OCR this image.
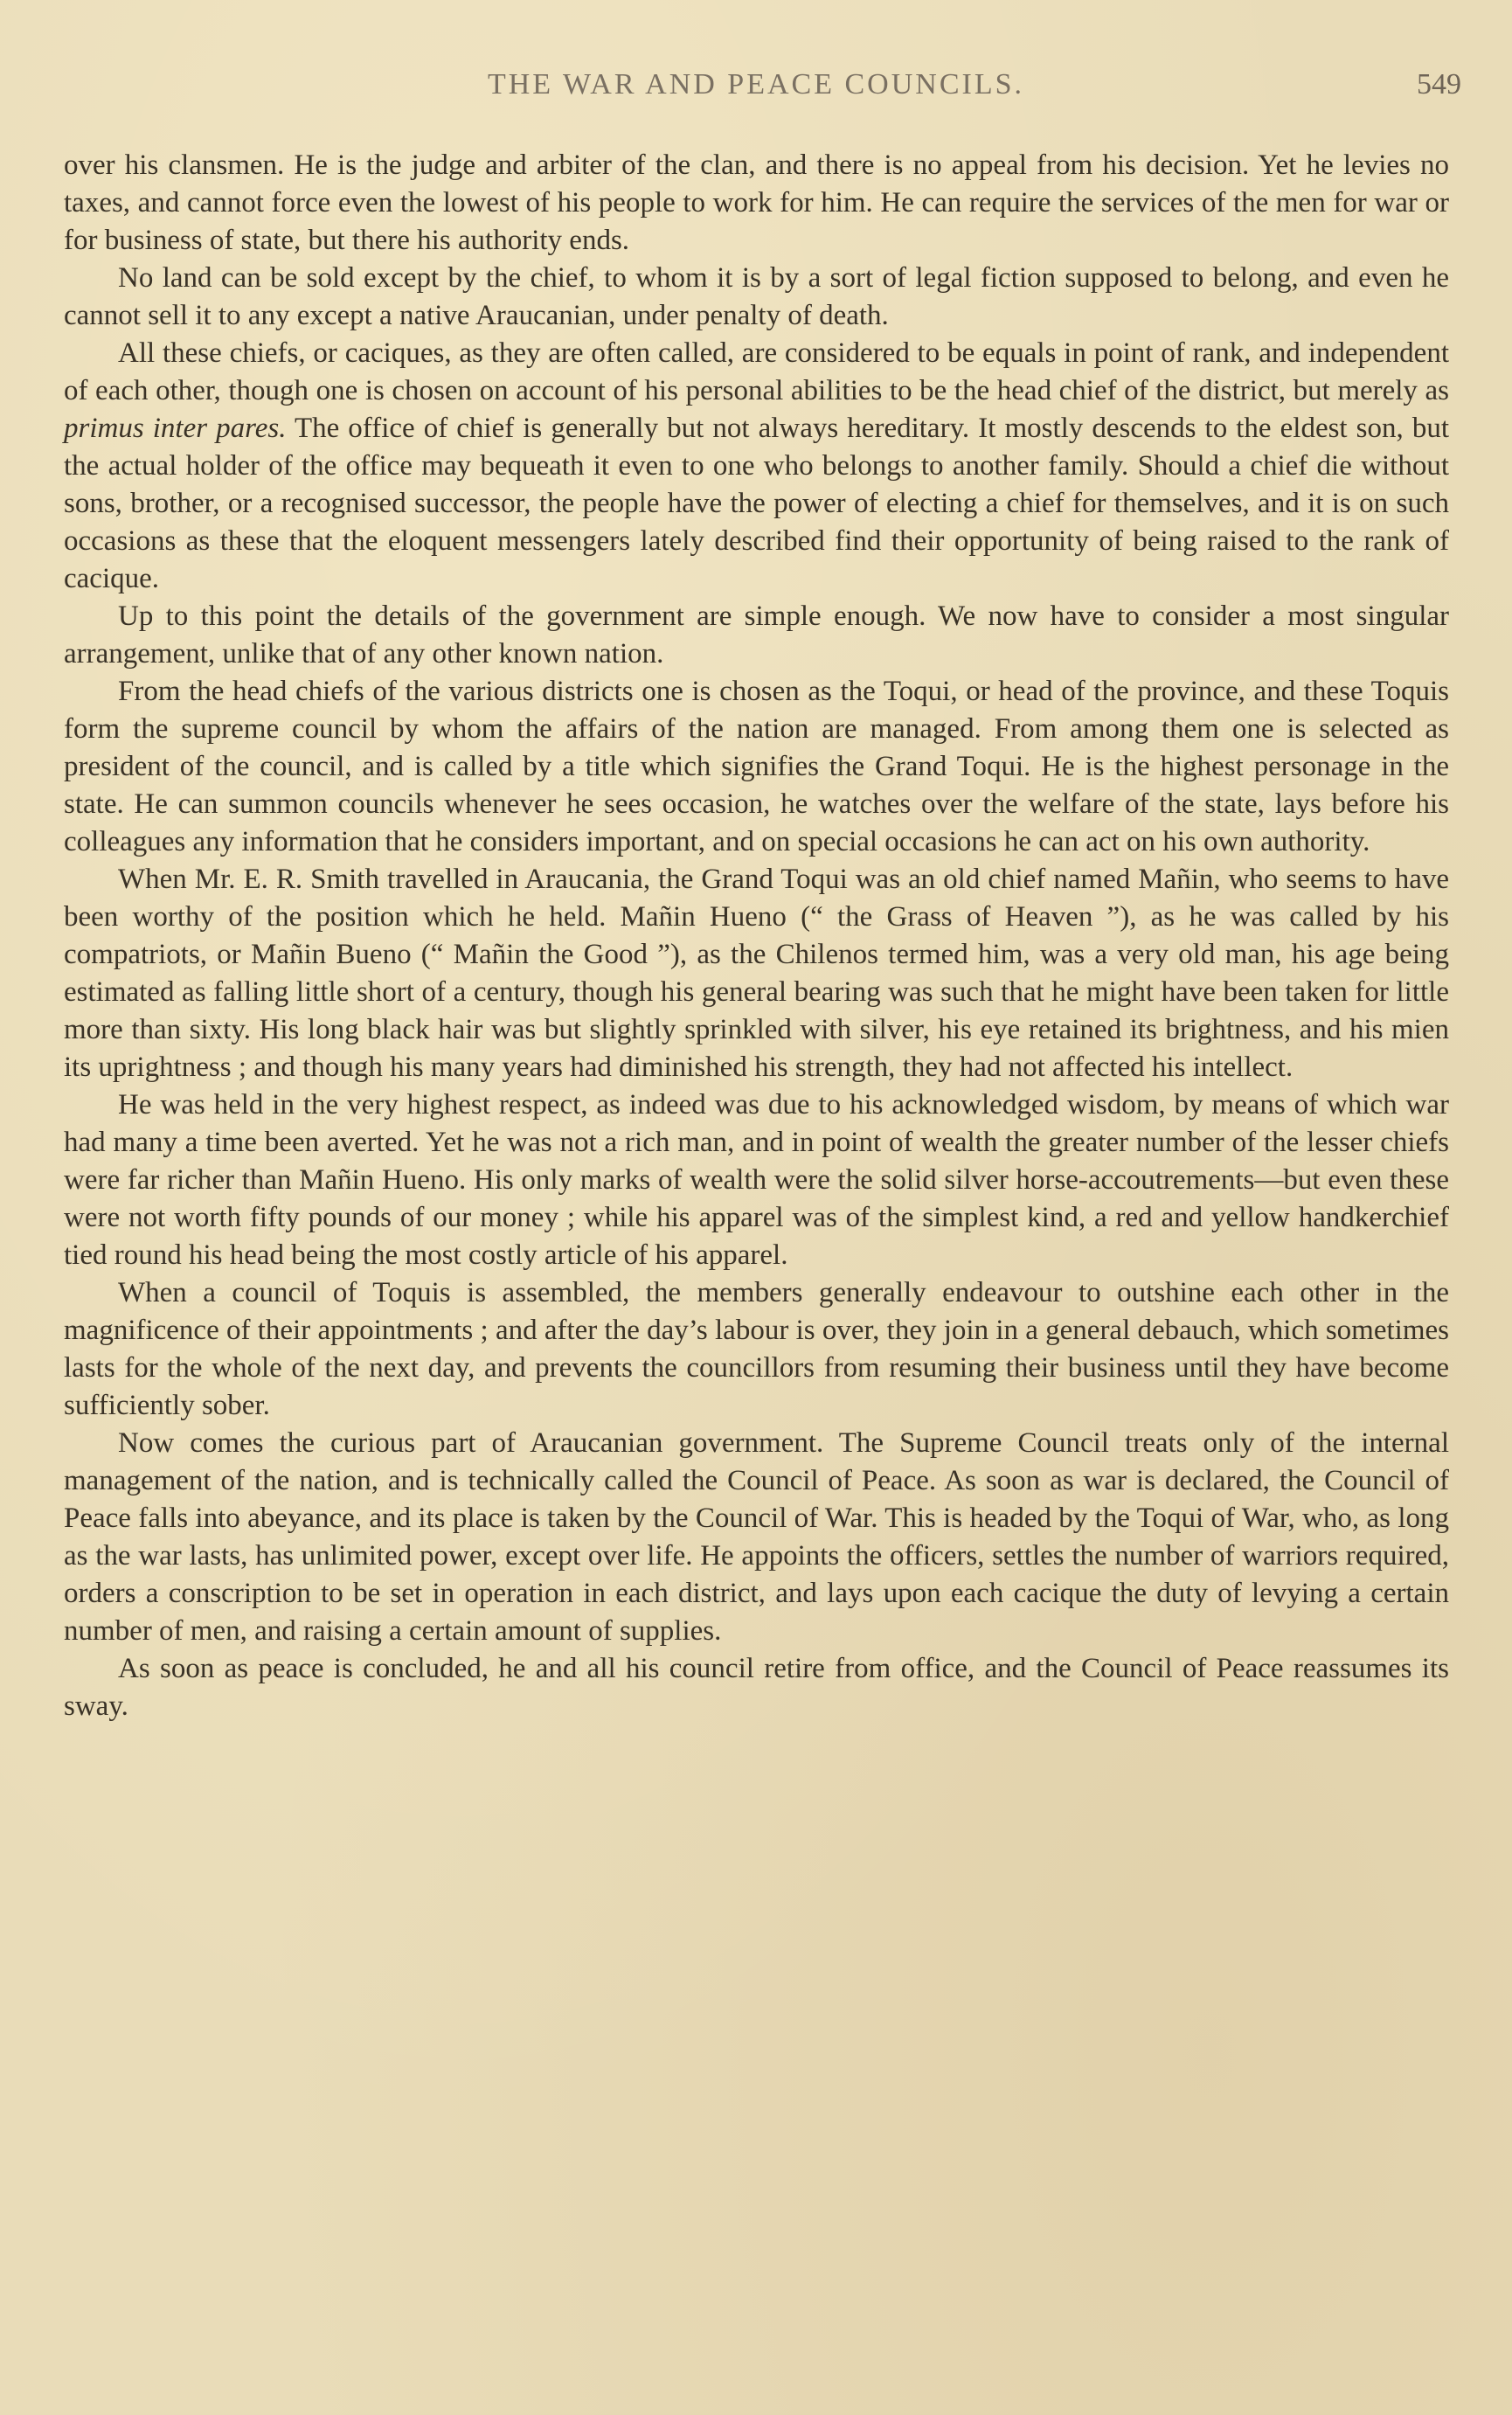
THE WAR AND PEACE COUNCILS.	549

over his clansmen. He is the judge and arbiter of the clan, and there is no appeal from his decision. Yet he levies no taxes, and cannot force even the lowest of his people to work for him. He can require the services of the men for war or for business of state, but there his authority ends.

No land can be sold except by the chief, to whom it is by a sort of legal fiction supposed to belong, and even he cannot sell it to any except a native Araucanian, under penalty of death.

All these chiefs, or caciques, as they are often called, are considered to be equals in point of rank, and independent of each other, though one is chosen on account of his personal abilities to be the head chief of the district, but merely as primus inter pares. The office of chief is generally but not always hereditary. It mostly descends to the eldest son, but the actual holder of the office may bequeath it even to one who belongs to another family. Should a chief die without sons, brother, or a recognised successor, the people have the power of electing a chief for themselves, and it is on such occasions as these that the eloquent messengers lately described find their opportunity of being raised to the rank of cacique.

Up to this point the details of the government are simple enough. We now have to consider a most singular arrangement, unlike that of any other known nation.

From the head chiefs of the various districts one is chosen as the Toqui, or head of the province, and these Toquis form the supreme council by whom the affairs of the nation are managed. From among them one is selected as president of the council, and is called by a title which signifies the Grand Toqui. He is the highest personage in the state. He can summon councils whenever he sees occasion, he watches over the welfare of the state, lays before his colleagues any information that he considers important, and on special occasions he can act on his own authority.

When Mr. E. R. Smith travelled in Araucania, the Grand Toqui was an old chief named Mañin, who seems to have been worthy of the position which he held. Mañin Hueno (“ the Grass of Heaven ”), as he was called by his compatriots, or Mañin Bueno (“ Mañin the Good ”), as the Chilenos termed him, was a very old man, his age being estimated as falling little short of a century, though his general bearing was such that he might have been taken for little more than sixty. His long black hair was but slightly sprinkled with silver, his eye retained its brightness, and his mien its uprightness ; and though his many years had diminished his strength, they had not affected his intellect.

He was held in the very highest respect, as indeed was due to his acknowledged wisdom, by means of which war had many a time been averted. Yet he was not a rich man, and in point of wealth the greater number of the lesser chiefs were far richer than Mañin Hueno. His only marks of wealth were the solid silver horse-accoutrements—but even these were not worth fifty pounds of our money ; while his apparel was of the simplest kind, a red and yellow handkerchief tied round his head being the most costly article of his apparel.

When a council of Toquis is assembled, the members generally endeavour to outshine each other in the magnificence of their appointments ; and after the day’s labour is over, they join in a general debauch, which sometimes lasts for the whole of the next day, and prevents the councillors from resuming their business until they have become sufficiently sober.

Now comes the curious part of Araucanian government. The Supreme Council treats only of the internal management of the nation, and is technically called the Council of Peace. As soon as war is declared, the Council of Peace falls into abeyance, and its place is taken by the Council of War. This is headed by the Toqui of War, who, as long as the war lasts, has unlimited power, except over life. He appoints the officers, settles the number of warriors required, orders a conscription to be set in operation in each district, and lays upon each cacique the duty of levying a certain number of men, and raising a certain amount of supplies.

As soon as peace is concluded, he and all his council retire from office, and the Council of Peace reassumes its sway.
